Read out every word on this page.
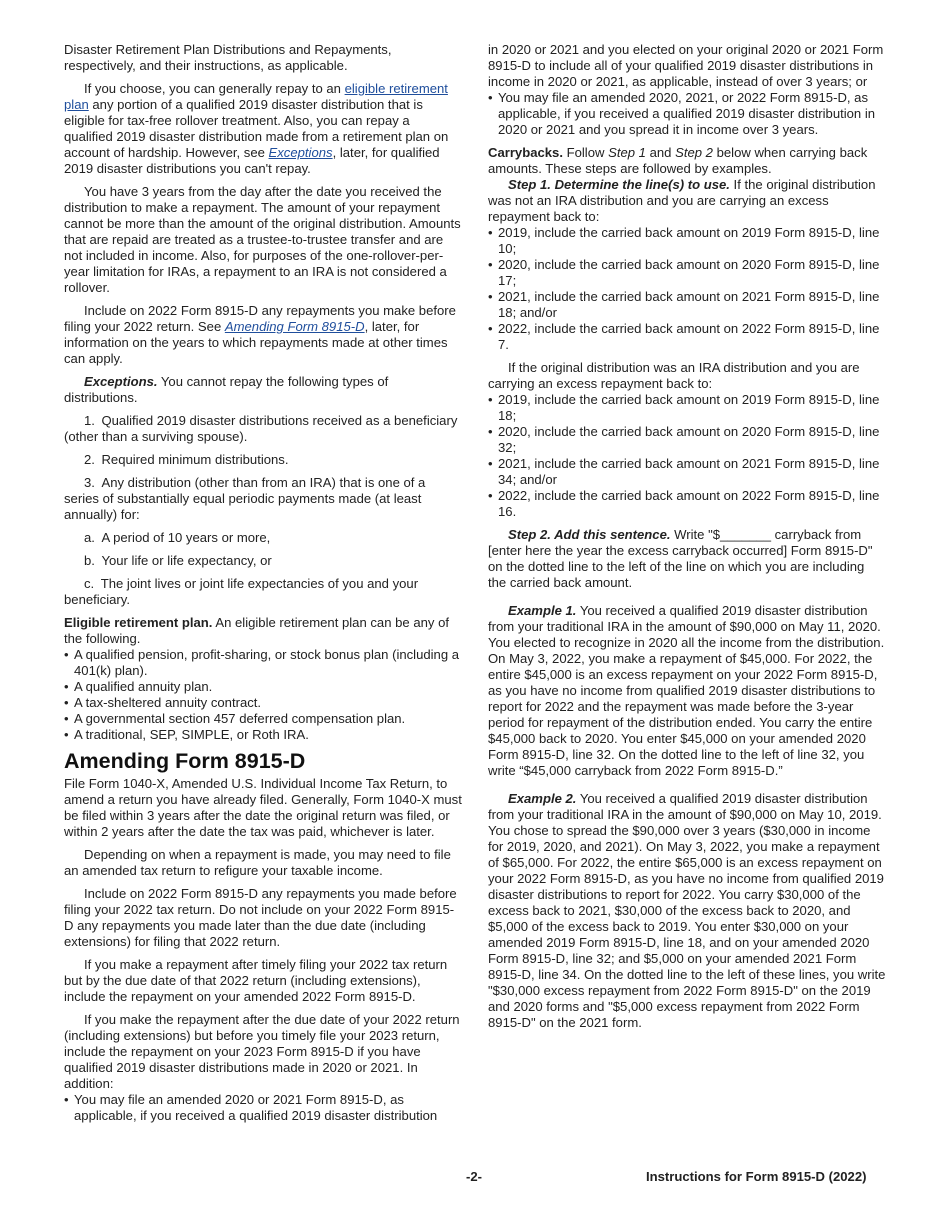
Disaster Retirement Plan Distributions and Repayments, respectively, and their instructions, as applicable.

If you choose, you can generally repay to an eligible retirement plan any portion of a qualified 2019 disaster distribution that is eligible for tax-free rollover treatment. Also, you can repay a qualified 2019 disaster distribution made from a retirement plan on account of hardship. However, see Exceptions, later, for qualified 2019 disaster distributions you can't repay.

You have 3 years from the day after the date you received the distribution to make a repayment. The amount of your repayment cannot be more than the amount of the original distribution. Amounts that are repaid are treated as a trustee-to-trustee transfer and are not included in income. Also, for purposes of the one-rollover-per-year limitation for IRAs, a repayment to an IRA is not considered a rollover.

Include on 2022 Form 8915-D any repayments you make before filing your 2022 return. See Amending Form 8915-D, later, for information on the years to which repayments made at other times can apply.

Exceptions. You cannot repay the following types of distributions.

1. Qualified 2019 disaster distributions received as a beneficiary (other than a surviving spouse).

2. Required minimum distributions.

3. Any distribution (other than from an IRA) that is one of a series of substantially equal periodic payments made (at least annually) for:

a. A period of 10 years or more,

b. Your life or life expectancy, or

c. The joint lives or joint life expectancies of you and your beneficiary.

Eligible retirement plan. An eligible retirement plan can be any of the following.

• A qualified pension, profit-sharing, or stock bonus plan (including a 401(k) plan).
• A qualified annuity plan.
• A tax-sheltered annuity contract.
• A governmental section 457 deferred compensation plan.
• A traditional, SEP, SIMPLE, or Roth IRA.
Amending Form 8915-D

File Form 1040-X, Amended U.S. Individual Income Tax Return, to amend a return you have already filed. Generally, Form 1040-X must be filed within 3 years after the date the original return was filed, or within 2 years after the date the tax was paid, whichever is later.

Depending on when a repayment is made, you may need to file an amended tax return to refigure your taxable income.

Include on 2022 Form 8915-D any repayments you made before filing your 2022 tax return. Do not include on your 2022 Form 8915-D any repayments you made later than the due date (including extensions) for filing that 2022 return.

If you make a repayment after timely filing your 2022 tax return but by the due date of that 2022 return (including extensions), include the repayment on your amended 2022 Form 8915-D.

If you make the repayment after the due date of your 2022 return (including extensions) but before you timely file your 2023 return, include the repayment on your 2023 Form 8915-D if you have qualified 2019 disaster distributions made in 2020 or 2021. In addition:

• You may file an amended 2020 or 2021 Form 8915-D, as applicable, if you received a qualified 2019 disaster distribution

in 2020 or 2021 and you elected on your original 2020 or 2021 Form 8915-D to include all of your qualified 2019 disaster distributions in income in 2020 or 2021, as applicable, instead of over 3 years; or

• You may file an amended 2020, 2021, or 2022 Form 8915-D, as applicable, if you received a qualified 2019 disaster distribution in 2020 or 2021 and you spread it in income over 3 years.

Carrybacks. Follow Step 1 and Step 2 below when carrying back amounts. These steps are followed by examples.

Step 1. Determine the line(s) to use. If the original distribution was not an IRA distribution and you are carrying an excess repayment back to:

• 2019, include the carried back amount on 2019 Form 8915-D, line 10;
• 2020, include the carried back amount on 2020 Form 8915-D, line 17;
• 2021, include the carried back amount on 2021 Form 8915-D, line 18; and/or
• 2022, include the carried back amount on 2022 Form 8915-D, line 7.

If the original distribution was an IRA distribution and you are carrying an excess repayment back to:

• 2019, include the carried back amount on 2019 Form 8915-D, line 18;
• 2020, include the carried back amount on 2020 Form 8915-D, line 32;
• 2021, include the carried back amount on 2021 Form 8915-D, line 34; and/or
• 2022, include the carried back amount on 2022 Form 8915-D, line 16.

Step 2. Add this sentence. Write "$_______ carryback from [enter here the year the excess carryback occurred] Form 8915-D" on the dotted line to the left of the line on which you are including the carried back amount.

Example 1. You received a qualified 2019 disaster distribution from your traditional IRA in the amount of $90,000 on May 11, 2020. You elected to recognize in 2020 all the income from the distribution. On May 3, 2022, you make a repayment of $45,000. For 2022, the entire $45,000 is an excess repayment on your 2022 Form 8915-D, as you have no income from qualified 2019 disaster distributions to report for 2022 and the repayment was made before the 3-year period for repayment of the distribution ended. You carry the entire $45,000 back to 2020. You enter $45,000 on your amended 2020 Form 8915-D, line 32. On the dotted line to the left of line 32, you write “$45,000 carryback from 2022 Form 8915-D.”

Example 2. You received a qualified 2019 disaster distribution from your traditional IRA in the amount of $90,000 on May 10, 2019. You chose to spread the $90,000 over 3 years ($30,000 in income for 2019, 2020, and 2021). On May 3, 2022, you make a repayment of $65,000. For 2022, the entire $65,000 is an excess repayment on your 2022 Form 8915-D, as you have no income from qualified 2019 disaster distributions to report for 2022. You carry $30,000 of the excess back to 2021, $30,000 of the excess back to 2020, and $5,000 of the excess back to 2019. You enter $30,000 on your amended 2019 Form 8915-D, line 18, and on your amended 2020 Form 8915-D, line 32; and $5,000 on your amended 2021 Form 8915-D, line 34. On the dotted line to the left of these lines, you write "$30,000 excess repayment from 2022 Form 8915-D" on the 2019 and 2020 forms and "$5,000 excess repayment from 2022 Form 8915-D" on the 2021 form.

-2-	Instructions for Form 8915-D (2022)
